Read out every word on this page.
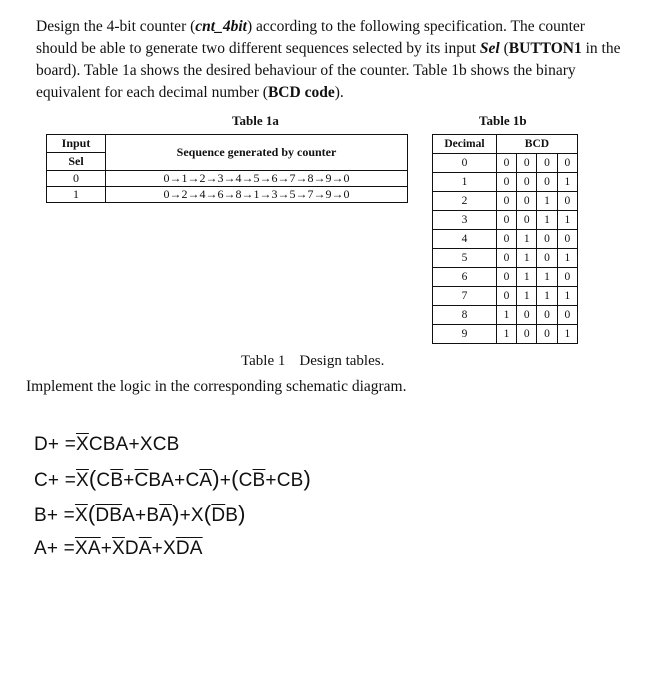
Design the 4-bit counter (cnt_4bit) according to the following specification. The counter should be able to generate two different sequences selected by its input Sel (BUTTON1 in the board). Table 1a shows the desired behaviour of the counter. Table 1b shows the binary equivalent for each decimal number (BCD code).
Table 1a	Table 1b
Input	Sequence generated by counter
Sel	
0	0→1→2→3→4→5→6→7→8→9→0
1	0→2→4→6→8→1→3→5→7→9→0
Decimal	BCD			
0	0	0	0	0
1	0	0	0	1
2	0	0	1	0
3	0	0	1	1
4	0	1	0	0
5	0	1	0	1
6	0	1	1	0
7	0	1	1	1
8	1	0	0	0
9	1	0	0	1
Table 1 Design tables.
Implement the logic in the corresponding schematic diagram.
$D+ =\overline{X}CBA+XCB$
$C+ =\overline{X}(C\overline{B}+\overline{C}BA+C\overline{A})+(C\overline{B}+CB)$
$B+ =\overline{X}(\overline{DB}A+B\overline{A})+X(\overline{D}B)$
$A+ =\overline{XA}+\overline{X}D\overline{A}+X\overline{DA}$
